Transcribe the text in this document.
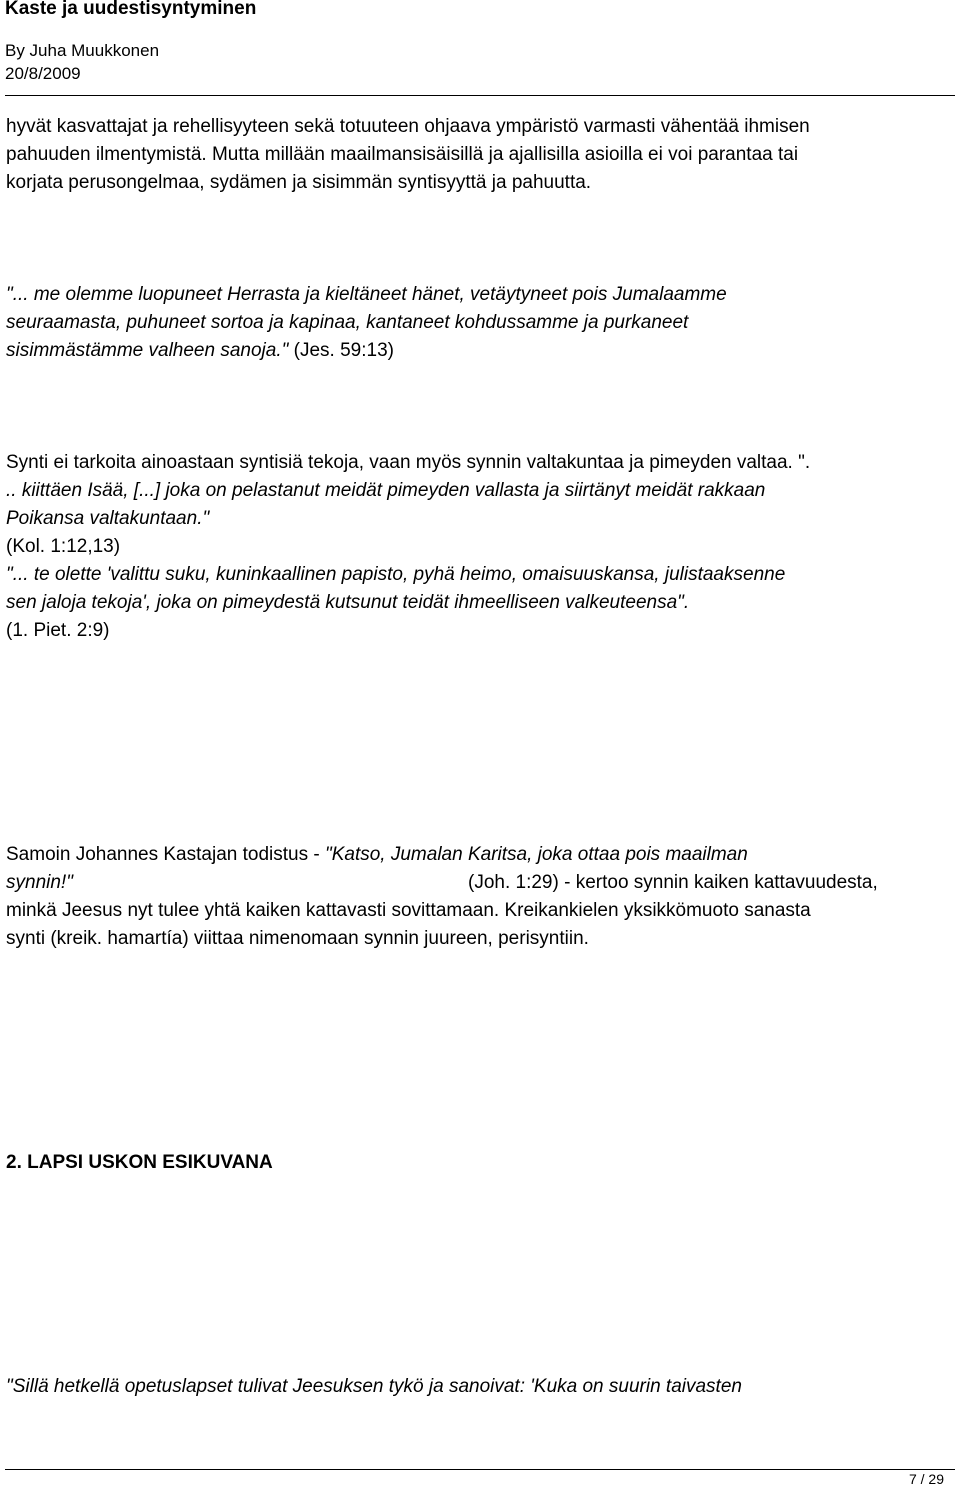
Kaste ja uudestisyntyminen
By Juha Muukkonen
20/8/2009

hyvät kasvattajat ja rehellisyyteen sekä totuuteen ohjaava ympäristö varmasti vähentää ihmisen

pahuuden ilmentymistä. Mutta millään maailmansisäisillä ja ajallisilla asioilla ei voi parantaa tai

korjata perusongelmaa, sydämen ja sisimmän syntisyyttä ja pahuutta.

"... me olemme luopuneet Herrasta ja kieltäneet hänet, vetäytyneet pois Jumalaamme

seuraamasta, puhuneet sortoa ja kapinaa, kantaneet kohdussamme ja purkaneet

sisimmästämme valheen sanoja." (Jes. 59:13)

Synti ei tarkoita ainoastaan syntisiä tekoja, vaan myös synnin valtakuntaa ja pimeyden valtaa. ".

.. kiittäen Isää, [...] joka on pelastanut meidät pimeyden vallasta ja siirtänyt meidät rakkaan

Poikansa valtakuntaan."

(Kol. 1:12,13)

"... te olette 'valittu suku, kuninkaallinen papisto, pyhä heimo, omaisuuskansa, julistaaksenne

sen jaloja tekoja', joka on pimeydestä kutsunut teidät ihmeelliseen valkeuteensa".

(1. Piet. 2:9)

Samoin Johannes Kastajan todistus - "Katso, Jumalan Karitsa, joka ottaa pois maailman

synnin!"	(Joh. 1:29) - kertoo synnin kaiken kattavuudesta,

minkä Jeesus nyt tulee yhtä kaiken kattavasti sovittamaan. Kreikankielen yksikkömuoto sanasta

synti (kreik. hamartía) viittaa nimenomaan synnin juureen, perisyntiin.

2. LAPSI USKON ESIKUVANA

"Sillä hetkellä opetuslapset tulivat Jeesuksen tykö ja sanoivat: 'Kuka on suurin taivasten

7 / 29
